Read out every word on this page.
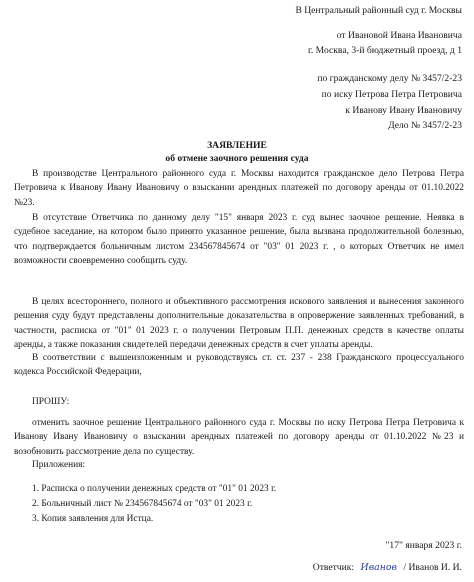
В Центральный районный суд г. Москвы
от Ивановой Ивана Ивановича
г. Москва, 3-й бюджетный проезд, д 1
по гражданскому делу № 3457/2-23
по иску Петрова Петра Петровича
к Иванову Ивану Ивановичу
Дело № 3457/2-23
ЗАЯВЛЕНИЕ
об отмене заочного решения суда
В производстве Центрального районного суда г. Москвы находится гражданское дело Петрова Петра Петровича к Иванову Ивану Ивановичу о взыскании арендных платежей по договору аренды от 01.10.2022 №23.
В отсутствие Ответчика по данному делу "15" января 2023 г. суд вынес заочное решение. Неявка в судебное заседание, на котором было принято указанное решение, была вызвана продолжительной болезнью, что подтверждается больничным листом 234567845674 от "03" 01 2023 г. , о которых Ответчик не имел возможности своевременно сообщить суду.
В целях всестороннего, полного и объективного рассмотрения искового заявления и вынесения законного решения суду будут представлены дополнительные доказательства в опровержение заявленных требований, в частности, расписка от "01" 01 2023 г. о получении Петровым П.П. денежных средств в качестве оплаты аренды, а также показания свидетелей передачи денежных средств в счет уплаты аренды.
В соответствии с вышеизложенным и руководствуясь ст. ст. 237 - 238 Гражданского процессуального кодекса Российской Федерации,
ПРОШУ:
отменить заочное решение Центрального районного суда г. Москвы по иску Петрова Петра Петровича к Иванову Ивану Ивановичу о взыскании арендных платежей по договору аренды от 01.10.2022 №23 и возобновить рассмотрение дела по существу.
Приложения:
1. Расписка о получении денежных средств от "01" 01 2023 г.
2. Больничный лист № 234567845674 от "03" 01 2023 г.
3. Копия заявления для Истца.
"17" января 2023 г.
Ответчик: Иванов / Иванов И. И.
